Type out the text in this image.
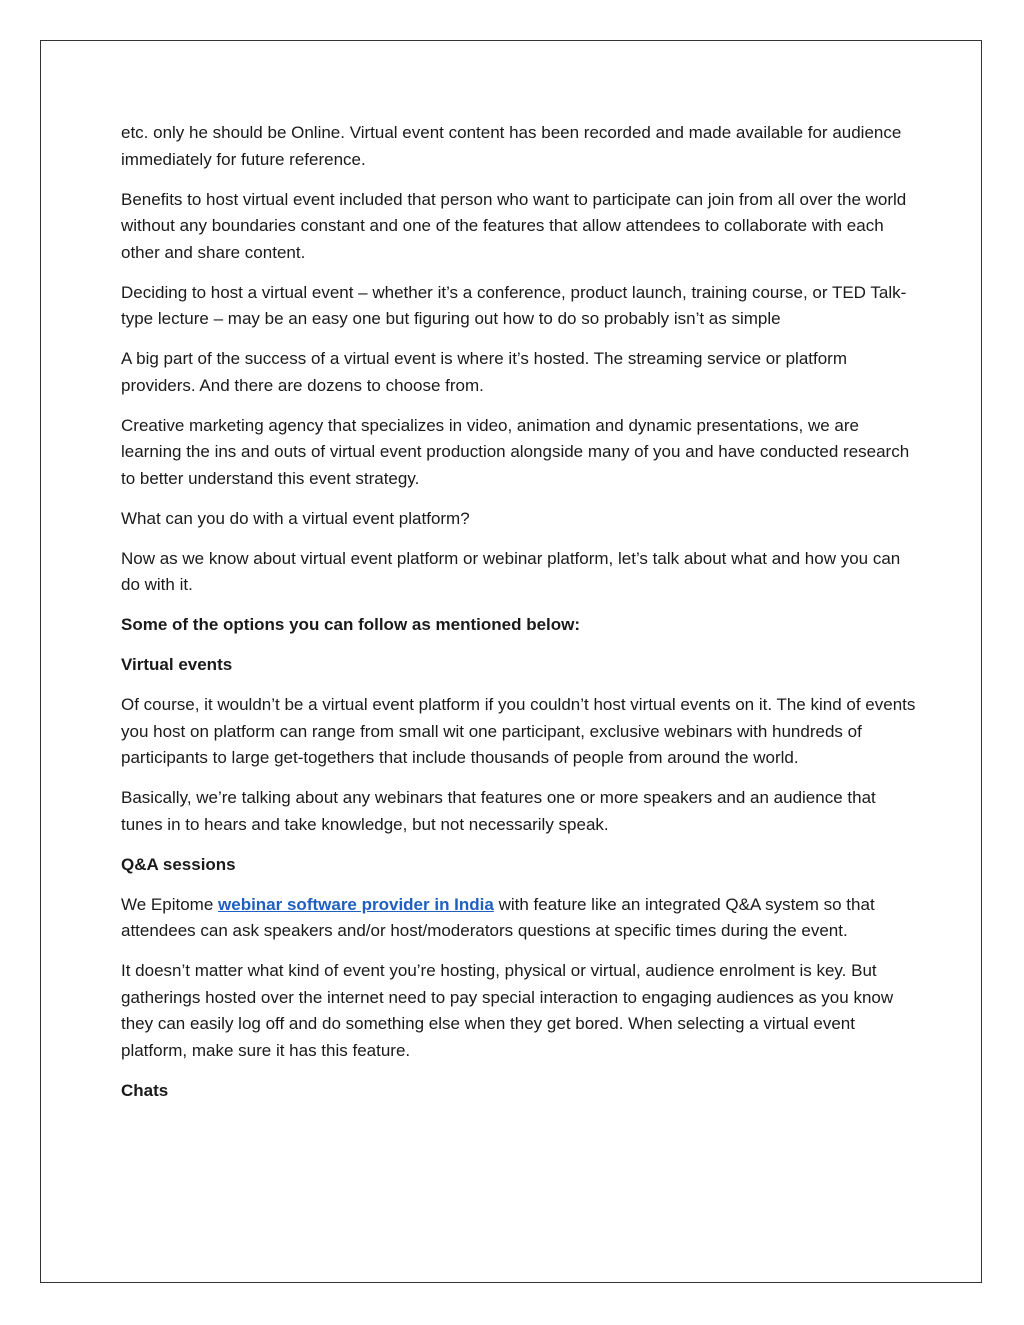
etc. only he should be Online. Virtual event content has been recorded and made available for audience immediately for future reference.

Benefits to host virtual event included that person who want to participate can join from all over the world without any boundaries constant and one of the features that allow attendees to collaborate with each other and share content.

Deciding to host a virtual event – whether it’s a conference, product launch, training course, or TED Talk-type lecture – may be an easy one but figuring out how to do so probably isn’t as simple

A big part of the success of a virtual event is where it’s hosted. The streaming service or platform providers. And there are dozens to choose from.

Creative marketing agency that specializes in video, animation and dynamic presentations, we are learning the ins and outs of virtual event production alongside many of you and have conducted research to better understand this event strategy.

What can you do with a virtual event platform?

Now as we know about virtual event platform or webinar platform, let’s talk about what and how you can do with it.

Some of the options you can follow as mentioned below:

Virtual events

Of course, it wouldn’t be a virtual event platform if you couldn’t host virtual events on it. The kind of events you host on platform can range from small wit one participant, exclusive webinars with hundreds of participants to large get-togethers that include thousands of people from around the world.

Basically, we’re talking about any webinars that features one or more speakers and an audience that tunes in to hears and take knowledge, but not necessarily speak.

Q&A sessions

We Epitome webinar software provider in India with feature like an integrated Q&A system so that attendees can ask speakers and/or host/moderators questions at specific times during the event.

It doesn’t matter what kind of event you’re hosting, physical or virtual, audience enrolment is key. But gatherings hosted over the internet need to pay special interaction to engaging audiences as you know they can easily log off and do something else when they get bored. When selecting a virtual event platform, make sure it has this feature.

Chats
